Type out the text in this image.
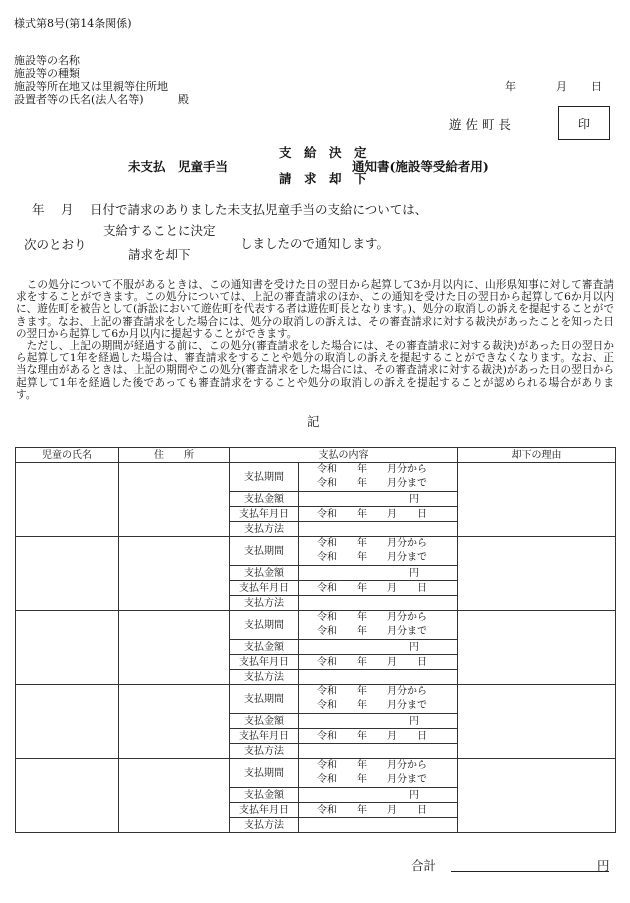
様式第8号(第14条関係)
施設等の名称
施設等の種類
施設等所在地又は里親等住所地
設置者等の氏名(法人名等)	殿
年	月 日
遊 佐 町 長	印
未支払　児童手当
支　給　決　定
請　求　却　下
通知書(施設等受給者用)
年　 月　 日付で請求のありました未支払児童手当の支給については、
次のとおり
支給することに決定
請求を却下
しましたので通知します。

この処分について不服があるときは、この通知書を受けた日の翌日から起算して3か月以内に、山形県知事に対して審査請求をすることができます。この処分については、上記の審査請求のほか、この通知を受けた日の翌日から起算して6か月以内に、遊佐町を被告として(訴訟において遊佐町を代表する者は遊佐町長となります。)、処分の取消しの訴えを提起することができます。なお、上記の審査請求をした場合には、処分の取消しの訴えは、その審査請求に対する裁決があったことを知った日の翌日から起算して6か月以内に提起することができます。

ただし、上記の期間が経過する前に、この処分(審査請求をした場合には、その審査請求に対する裁決)があった日の翌日から起算して1年を経過した場合は、審査請求をすることや処分の取消しの訴えを提起することができなくなります。なお、正当な理由があるときは、上記の期間やこの処分(審査請求をした場合には、その審査請求に対する裁決)があった日の翌日から起算して1年を経過した後であっても審査請求をすることや処分の取消しの訴えを提起することが認められる場合があります。

記
児童の氏名	住　　所	支払の内容		却下の理由
		支払期間	令和　　年　　月分から
令和　　年　　月分まで	

		支払金額	円	
		支払年月日	令和　　年　　月　　日	
		支払方法		
		支払期間	令和　　年　　月分から
令和　　年　　月分まで	

		支払金額	円	
		支払年月日	令和　　年　　月　　日	
		支払方法		
		支払期間	令和　　年　　月分から
令和　　年　　月分まで	

		支払金額	円	
		支払年月日	令和　　年　　月　　日	
		支払方法		
		支払期間	令和　　年　　月分から
令和　　年　　月分まで	

		支払金額	円	
		支払年月日	令和　　年　　月　　日	
		支払方法		
		支払期間	令和　　年　　月分から
令和　　年　　月分まで	

		支払金額	円	
		支払年月日	令和　　年　　月　　日	
		支払方法		
合計	円
